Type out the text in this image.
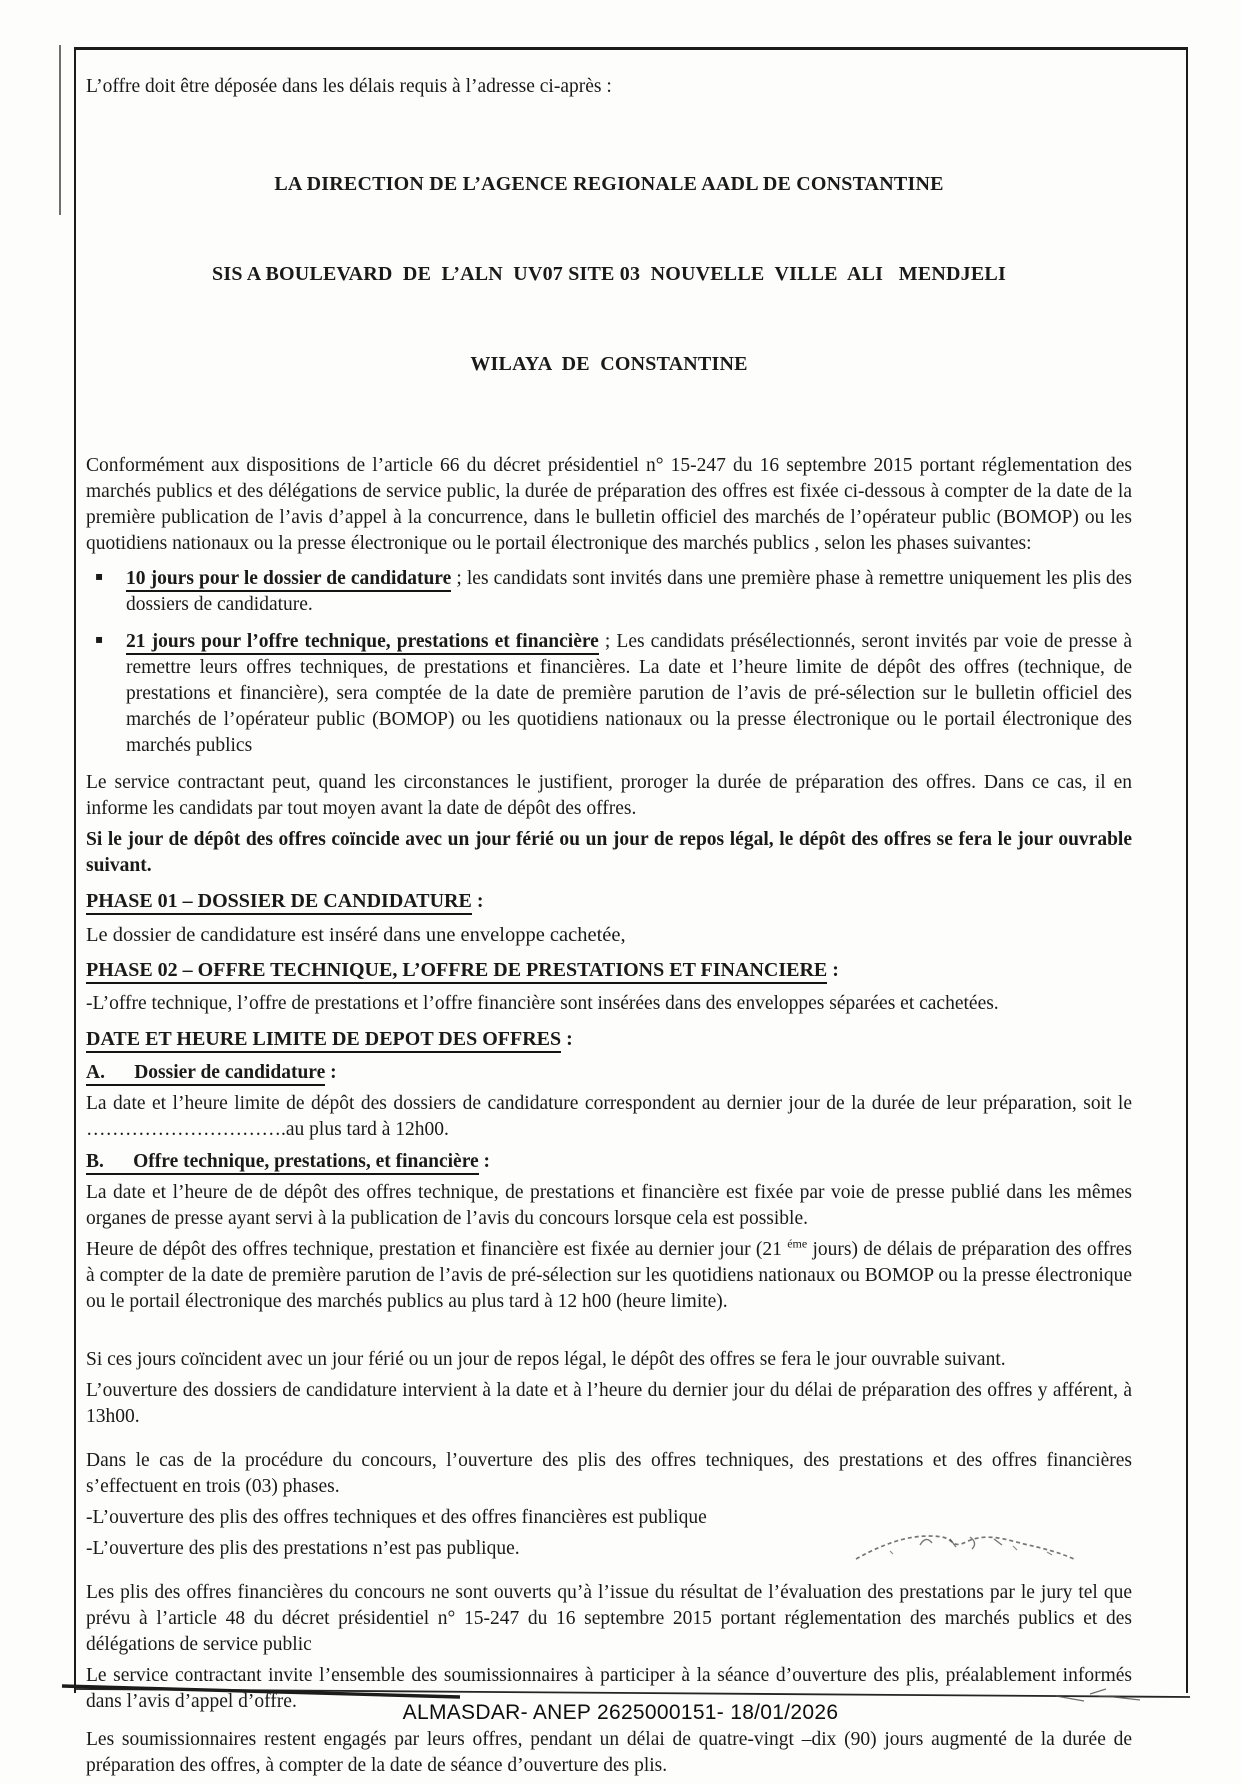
L’offre doit être déposée dans les délais requis à l’adresse ci-après :

LA DIRECTION DE L’AGENCE REGIONALE AADL DE CONSTANTINE

SIS A BOULEVARD  DE  L’ALN  UV07 SITE 03  NOUVELLE  VILLE  ALI   MENDJELI

WILAYA  DE  CONSTANTINE

Conformément aux dispositions de l’article 66 du décret présidentiel n° 15-247 du 16 septembre 2015 portant réglementation des marchés publics et des délégations de service public, la durée de préparation des offres est fixée ci-dessous à compter de la date de la première publication de l’avis d’appel à la concurrence, dans le bulletin officiel des marchés de l’opérateur public (BOMOP) ou les quotidiens nationaux ou la presse électronique ou le portail électronique des marchés publics , selon les phases suivantes:
▪ 10 jours pour le dossier de candidature ; les candidats sont invités dans une première phase à remettre uniquement les plis des dossiers de candidature.
▪ 21 jours pour l’offre technique, prestations et financière ; Les candidats présélectionnés, seront invités par voie de presse à remettre leurs offres techniques, de prestations et financières. La date et l’heure limite de dépôt des offres (technique, de prestations et financière), sera comptée de la date de première parution de l’avis de pré-sélection sur le bulletin officiel des marchés de l’opérateur public (BOMOP) ou les quotidiens nationaux ou la presse électronique ou le portail électronique des marchés publics
Le service contractant peut, quand les circonstances le justifient, proroger la durée de préparation des offres. Dans ce cas, il en informe les candidats par tout moyen avant la date de dépôt des offres.
Si le jour de dépôt des offres coïncide avec un jour férié ou un jour de repos légal, le dépôt des offres se fera le jour ouvrable suivant.
PHASE 01 – DOSSIER DE CANDIDATURE :
Le dossier de candidature est inséré dans une enveloppe cachetée,
PHASE 02 – OFFRE TECHNIQUE, L’OFFRE DE PRESTATIONS ET FINANCIERE :
-L’offre technique, l’offre de prestations et l’offre financière sont insérées dans des enveloppes séparées et cachetées.
DATE ET HEURE LIMITE DE DEPOT DES OFFRES :
A.      Dossier de candidature :
La date et l’heure limite de dépôt des dossiers de candidature correspondent au dernier jour de la durée de leur préparation, soit le ………………………….au plus tard à 12h00.
B.      Offre technique, prestations, et financière :
La date et l’heure de de dépôt des offres technique, de prestations et financière est fixée par voie de presse publié dans les mêmes organes de presse ayant servi à la publication de l’avis du concours lorsque cela est possible.
Heure de dépôt des offres technique, prestation et financière est fixée au dernier jour (21 $^{éme}$ jours) de délais de préparation des offres à compter de la date de première parution de l’avis de pré-sélection sur les quotidiens nationaux ou BOMOP ou la presse électronique ou le portail électronique des marchés publics au plus tard à 12 h00 (heure limite).
Si ces jours coïncident avec un jour férié ou un jour de repos légal, le dépôt des offres se fera le jour ouvrable suivant.
L’ouverture des dossiers de candidature intervient à la date et à l’heure du dernier jour du délai de préparation des offres y afférent, à 13h00.
Dans le cas de la procédure du concours, l’ouverture des plis des offres techniques, des prestations et des offres financières s’effectuent en trois (03) phases.
-L’ouverture des plis des offres techniques et des offres financières est publique
-L’ouverture des plis des prestations n’est pas publique.
Les plis des offres financières du concours ne sont ouverts qu’à l’issue du résultat de l’évaluation des prestations par le jury tel que prévu à l’article 48 du décret présidentiel n° 15-247 du 16 septembre 2015 portant réglementation des marchés publics et des délégations de service public
Le service contractant invite l’ensemble des soumissionnaires à participer à la séance d’ouverture des plis, préalablement informés dans l’avis d’appel d’offre.
Les soumissionnaires restent engagés par leurs offres, pendant un délai de quatre-vingt –dix (90) jours augmenté de la durée de préparation des offres, à compter de la date de séance d’ouverture des plis.
ALMASDAR- ANEP 2625000151- 18/01/2026
